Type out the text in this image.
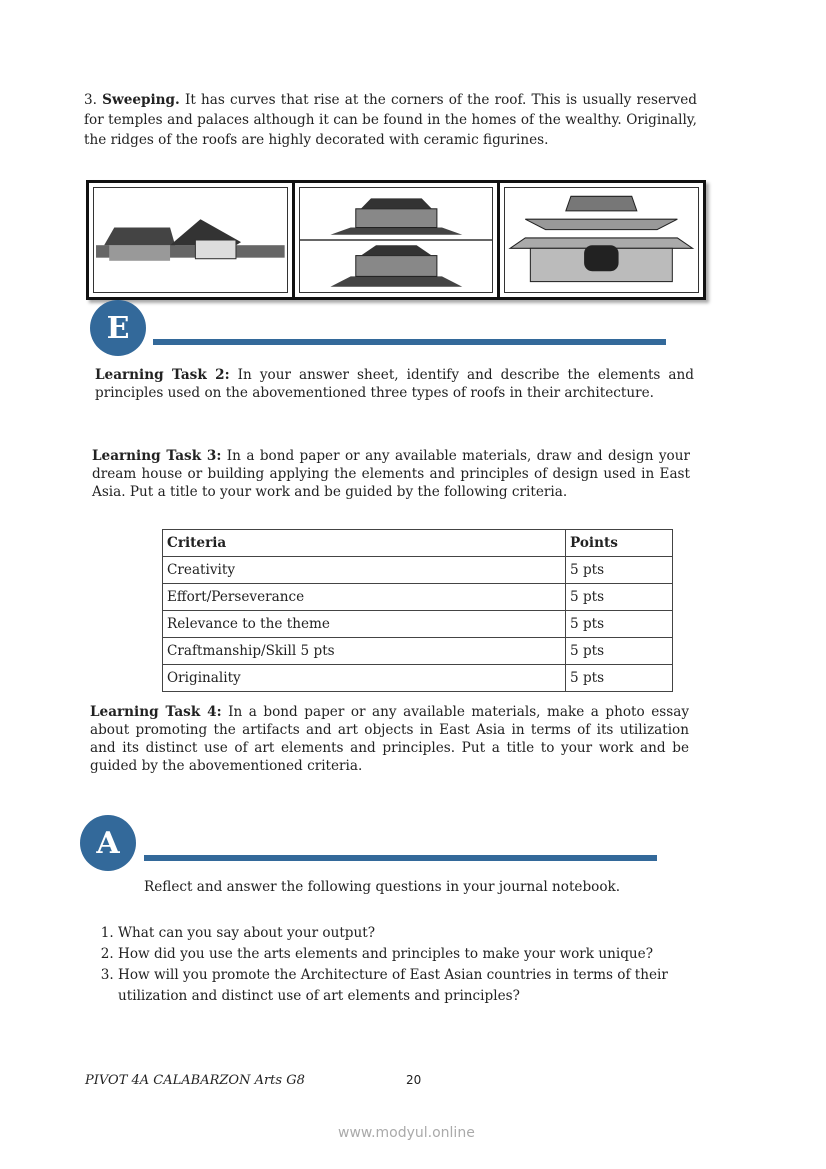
3. Sweeping. It has curves that rise at the corners of the roof. This is usually reserved for temples and palaces although it can be found in the homes of the wealthy. Originally, the ridges of the roofs are highly decorated with ceramic figurines.

E

Learning Task 2: In your answer sheet, identify and describe the elements and principles used on the abovementioned three types of roofs in their architecture.

Learning Task 3: In a bond paper or any available materials, draw and design your dream house or building applying the elements and principles of design used in East Asia. Put a title to your work and be guided by the following criteria.

Criteria	Points
Creativity	5 pts
Effort/Perseverance	5 pts
Relevance to the theme	5 pts
Craftmanship/Skill 5 pts	5 pts
Originality	5 pts

Learning Task 4: In a bond paper or any available materials, make a photo essay about promoting the artifacts and art objects in East Asia in terms of its utilization and its distinct use of art elements and principles. Put a title to your work and be guided by the abovementioned criteria.

A

Reflect and answer the following questions in your journal notebook.

1. What can you say about your output?
2. How did you use the arts elements and principles to make your work unique?
3. How will you promote the Architecture of East Asian countries in terms of their utilization and distinct use of art elements and principles?
PIVOT 4A CALABARZON Arts G8	20
www.modyul.online
